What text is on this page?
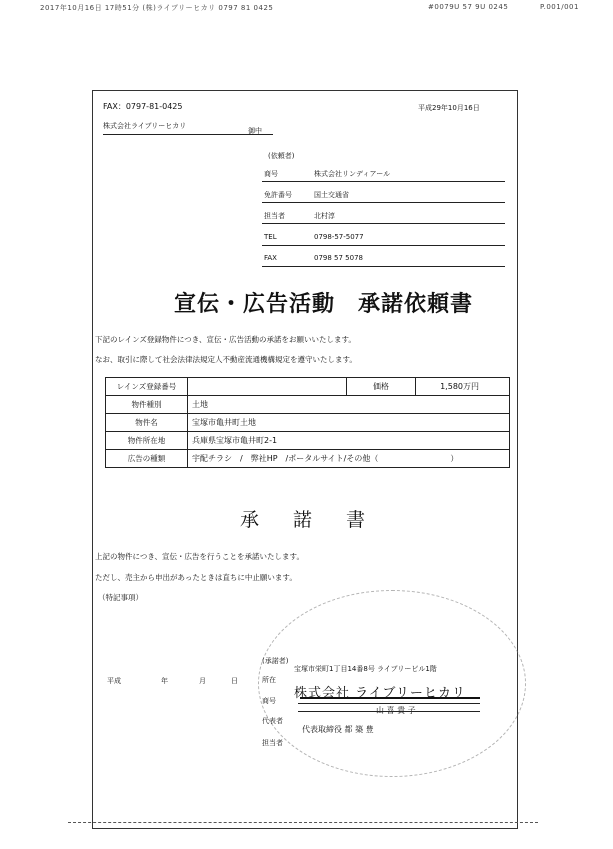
2017年10月16日 17時51分 (株)ライブリーヒカリ 0797 81 0425	#0079U 57 9U 0245	P.001/001
FAX：0797-81-0425	平成29年10月16日
株式会社ライブリーヒカリ
御中
(依頼者)
商号	株式会社リンディアール
免許番号	国土交通省
担当者	北村淳
TEL	0798-57-5077
FAX	0798 57 5078
宣伝・広告活動　承諾依頼書
下記のレインズ登録物件につき、宣伝・広告活動の承諾をお願いいたします。
なお、取引に際して社会法律法規定人不動産流通機構規定を遵守いたします。
レインズ登録番号		価格	1,580万円
物件種別	土地		
物件名	宝塚市亀井町土地		
物件所在地	兵庫県宝塚市亀井町2-1		
広告の種類	宇配チラシ　/　弊社HP　/ポータルサイト/その他（　　　　　　　　　）		
承諾書
上記の物件につき、宣伝・広告を行うことを承諾いたします。
ただし、売主から申出があったときは直ちに中止願います。
（特記事項）
平成	年	月	日
(承諾者)
所在
宝塚市栄町1丁目14番8号 ライブリービル1階
商号 株式会社 ライブリーヒカリ
代表者
代表取締役 都 築 豊
担当者
山 喜 貴 子
